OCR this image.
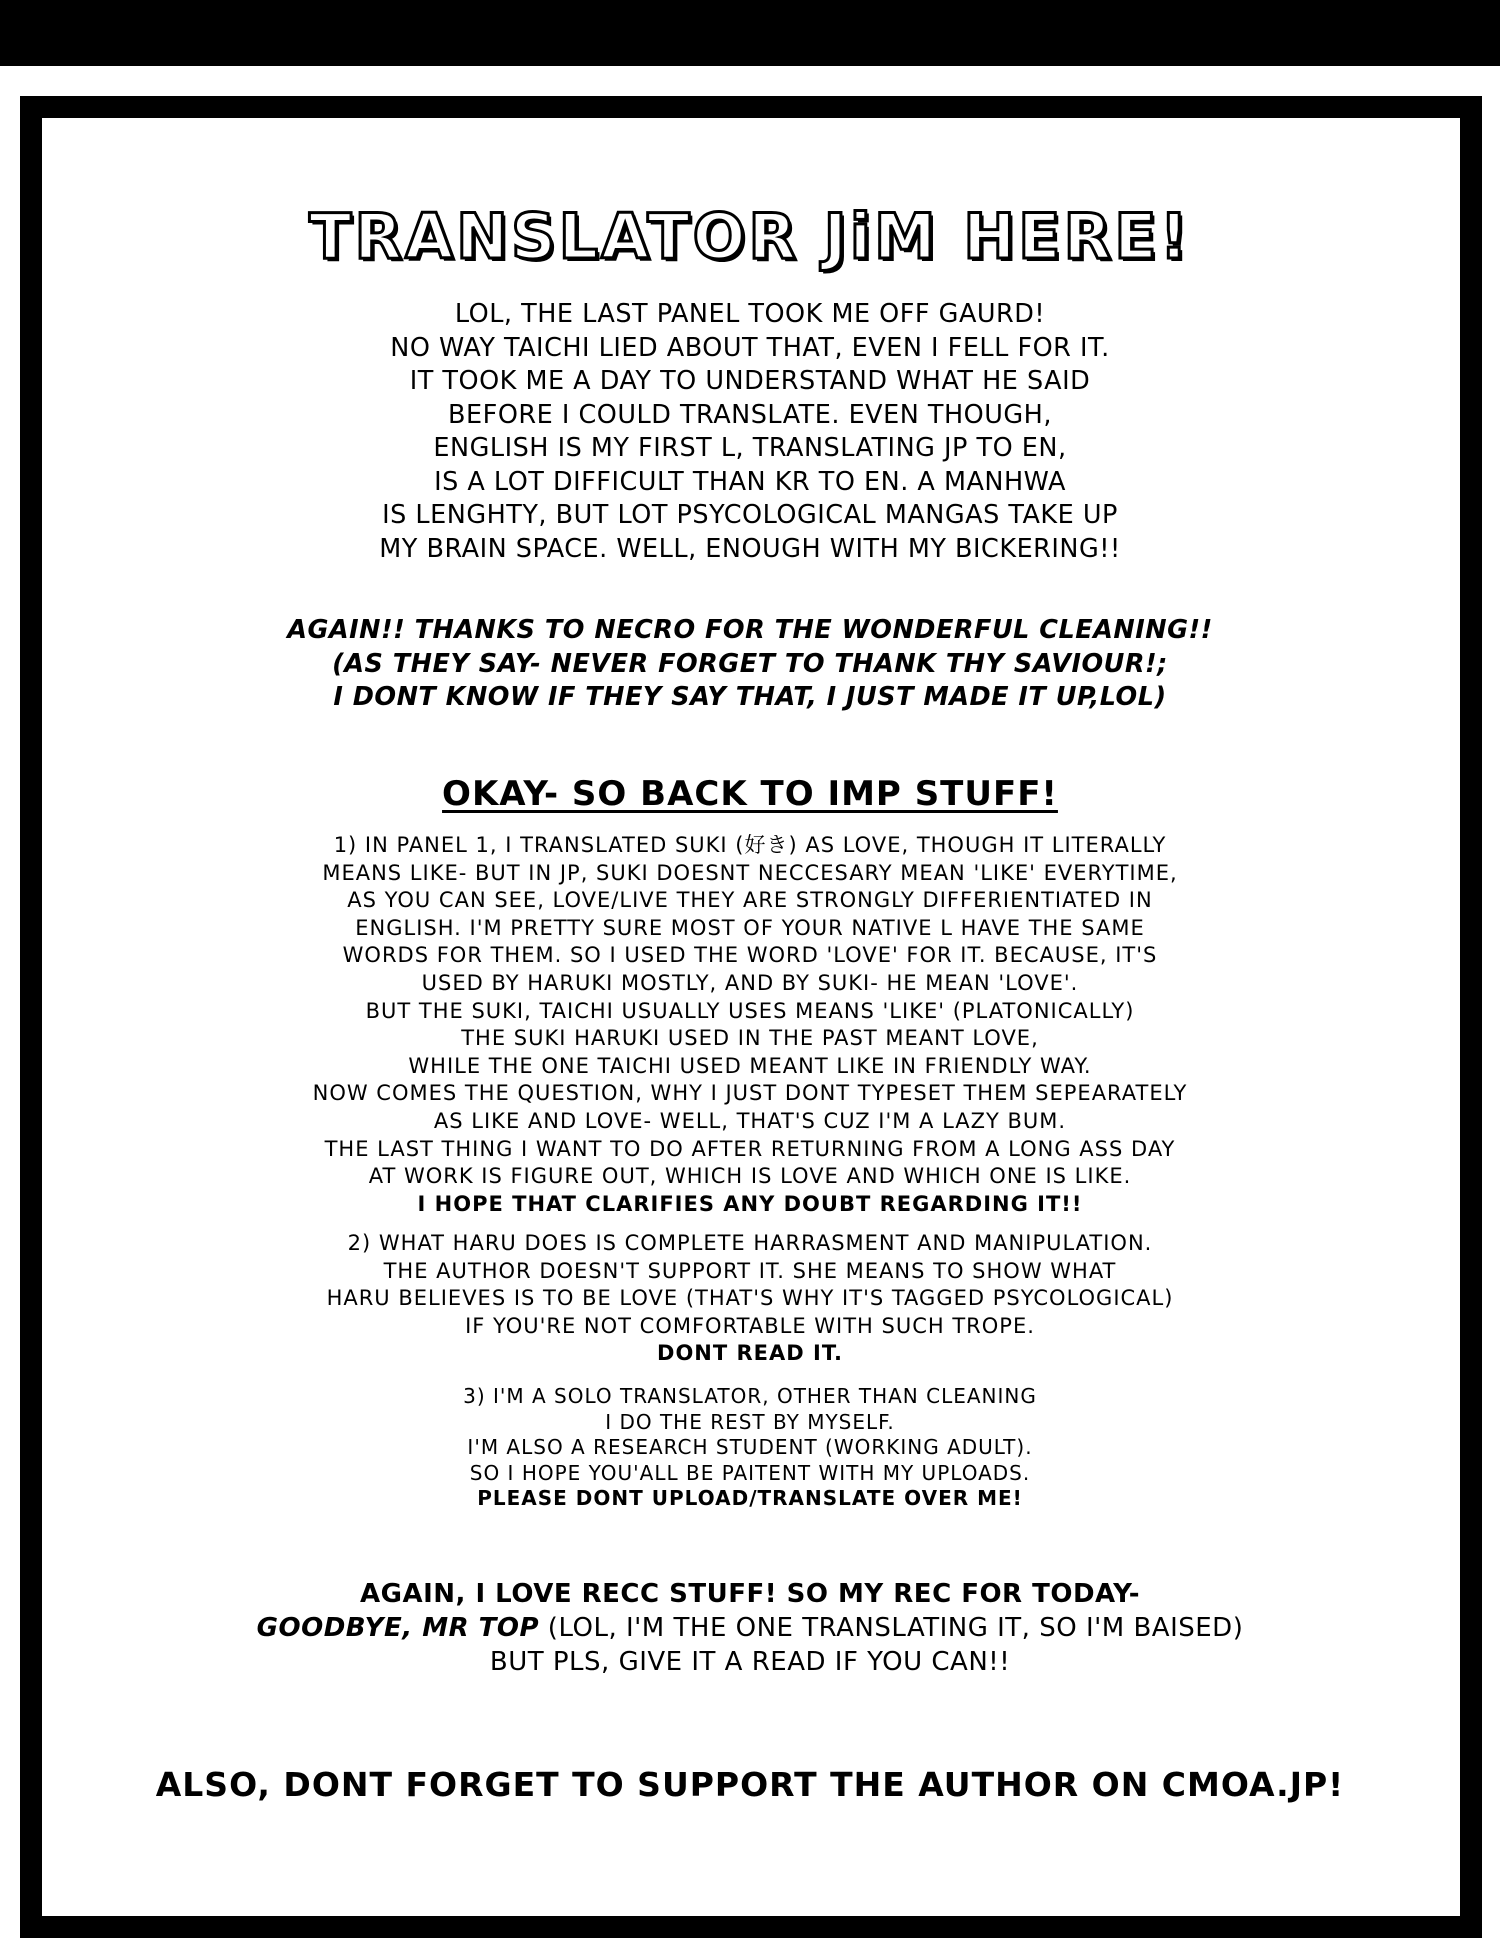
TRANSLATOR JiM HERE!

LOL, THE LAST PANEL TOOK ME OFF GAURD!

NO WAY TAICHI LIED ABOUT THAT, EVEN I FELL FOR IT.

IT TOOK ME A DAY TO UNDERSTAND WHAT HE SAID

BEFORE I COULD TRANSLATE. EVEN THOUGH,

ENGLISH IS MY FIRST L, TRANSLATING JP TO EN,

IS A LOT DIFFICULT THAN KR TO EN. A MANHWA

IS LENGHTY, BUT LOT PSYCOLOGICAL MANGAS TAKE UP

MY BRAIN SPACE. WELL, ENOUGH WITH MY BICKERING!!

AGAIN!! THANKS TO NECRO FOR THE WONDERFUL CLEANING!!

(AS THEY SAY- NEVER FORGET TO THANK THY SAVIOUR!;

I DONT KNOW IF THEY SAY THAT, I JUST MADE IT UP,LOL)

OKAY- SO BACK TO IMP STUFF!

1) IN PANEL 1, I TRANSLATED SUKI (好き) AS LOVE, THOUGH IT LITERALLY

MEANS LIKE- BUT IN JP, SUKI DOESNT NECCESARY MEAN 'LIKE' EVERYTIME,

AS YOU CAN SEE, LOVE/LIVE THEY ARE STRONGLY DIFFERIENTIATED IN

ENGLISH. I'M PRETTY SURE MOST OF YOUR NATIVE L HAVE THE SAME

WORDS FOR THEM. SO I USED THE WORD 'LOVE' FOR IT. BECAUSE, IT'S

USED BY HARUKI MOSTLY, AND BY SUKI- HE MEAN 'LOVE'.

BUT THE SUKI, TAICHI USUALLY USES MEANS 'LIKE' (PLATONICALLY)

THE SUKI HARUKI USED IN THE PAST MEANT LOVE,

WHILE THE ONE TAICHI USED MEANT LIKE IN FRIENDLY WAY.

NOW COMES THE QUESTION, WHY I JUST DONT TYPESET THEM SEPEARATELY

AS LIKE AND LOVE- WELL, THAT'S CUZ I'M A LAZY BUM.

THE LAST THING I WANT TO DO AFTER RETURNING FROM A LONG ASS DAY

AT WORK IS FIGURE OUT, WHICH IS LOVE AND WHICH ONE IS LIKE.

I HOPE THAT CLARIFIES ANY DOUBT REGARDING IT!!

2) WHAT HARU DOES IS COMPLETE HARRASMENT AND MANIPULATION.

THE AUTHOR DOESN'T SUPPORT IT. SHE MEANS TO SHOW WHAT

HARU BELIEVES IS TO BE LOVE (THAT'S WHY IT'S TAGGED PSYCOLOGICAL)

IF YOU'RE NOT COMFORTABLE WITH SUCH TROPE.

DONT READ IT.

3) I'M A SOLO TRANSLATOR, OTHER THAN CLEANING

I DO THE REST BY MYSELF.

I'M ALSO A RESEARCH STUDENT (WORKING ADULT).

SO I HOPE YOU'ALL BE PAITENT WITH MY UPLOADS.

PLEASE DONT UPLOAD/TRANSLATE OVER ME!

AGAIN, I LOVE RECC STUFF! SO MY REC FOR TODAY-

GOODBYE, MR TOP (LOL, I'M THE ONE TRANSLATING IT, SO I'M BAISED)

BUT PLS, GIVE IT A READ IF YOU CAN!!

ALSO, DONT FORGET TO SUPPORT THE AUTHOR ON CMOA.JP!
